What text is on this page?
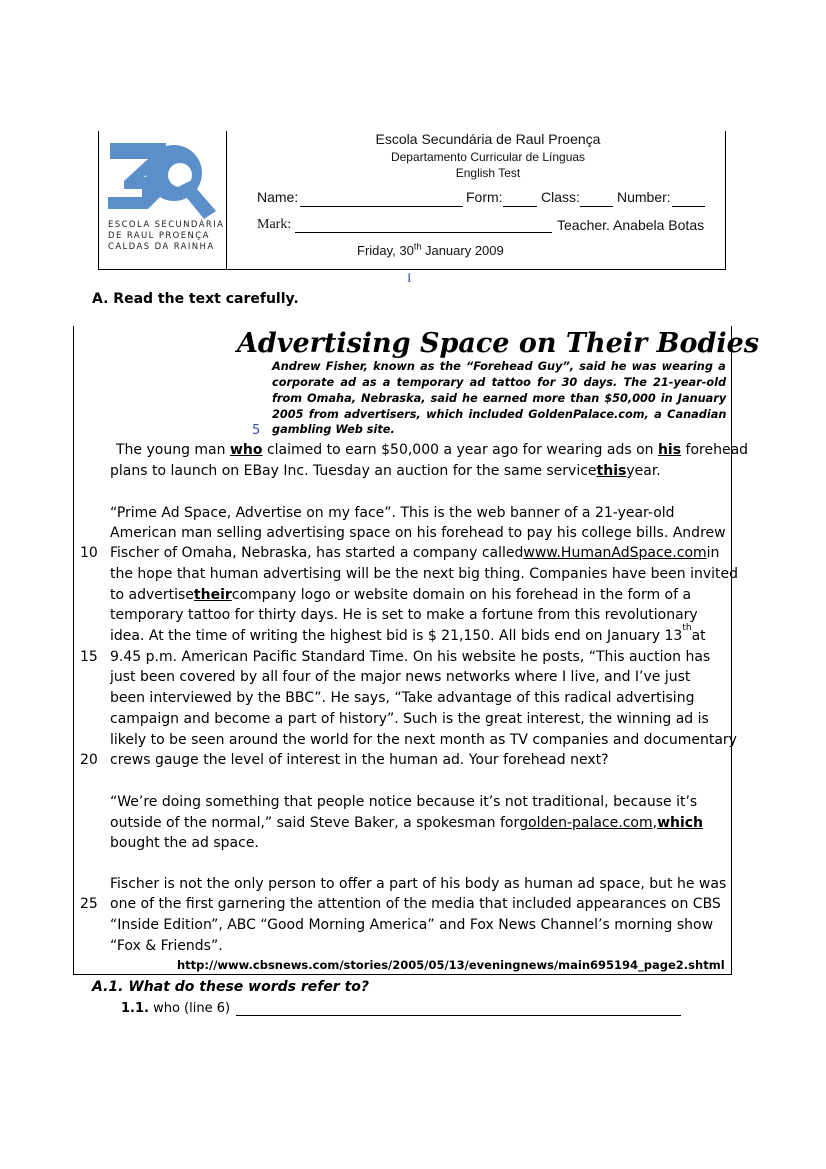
ESCOLA SECUNDÁRIA
DE RAUL PROENÇA
CALDAS DA RAINHA
Escola Secundária de Raul Proença
Departamento Curricular de Línguas
English Test
Name:	Form:	Class:	Number:
Mark:	Teacher. Anabela Botas
Friday, 30th January 2009
I
A. Read the text carefully.
Advertising Space on Their Bodies
Andrew Fisher, known as the “Forehead Guy”, said he was wearing a
corporate ad as a temporary ad tattoo for 30 days. The 21-year-old
from Omaha, Nebraska, said he earned more than $50,000 in January
2005 from advertisers, which included GoldenPalace.com, a Canadian
gambling Web site.
5
10
15
20
25
The young man who claimed to earn $50,000 a year ago for wearing ads on his forehead
plans to launch on EBay Inc. Tuesday an auction for the same service this year.
“Prime Ad Space, Advertise on my face”. This is the web banner of a 21-year-old
American man selling advertising space on his forehead to pay his college bills. Andrew
Fischer of Omaha, Nebraska, has started a company called www.HumanAdSpace.com in
the hope that human advertising will be the next big thing. Companies have been invited
to advertise their company logo or website domain on his forehead in the form of a
temporary tattoo for thirty days. He is set to make a fortune from this revolutionary
idea. At the time of writing the highest bid is $ 21,150. All bids end on January 13 th at
9.45 p.m. American Pacific Standard Time. On his website he posts, “This auction has
just been covered by all four of the major news networks where I live, and I’ve just
been interviewed by the BBC”. He says, “Take advantage of this radical advertising
campaign and become a part of history”. Such is the great interest, the winning ad is
likely to be seen around the world for the next month as TV companies and documentary
crews gauge the level of interest in the human ad. Your forehead next?
“We’re doing something that people notice because it’s not traditional, because it’s
outside of the normal,” said Steve Baker, a spokesman for golden-palace.com , which
bought the ad space.
Fischer is not the only person to offer a part of his body as human ad space, but he was
one of the first garnering the attention of the media that included appearances on CBS
“Inside Edition”, ABC “Good Morning America” and Fox News Channel’s morning show
“Fox & Friends”.
http://www.cbsnews.com/stories/2005/05/13/eveningnews/main695194_page2.shtml
A.1. What do these words refer to?
1.1. who (line 6)
